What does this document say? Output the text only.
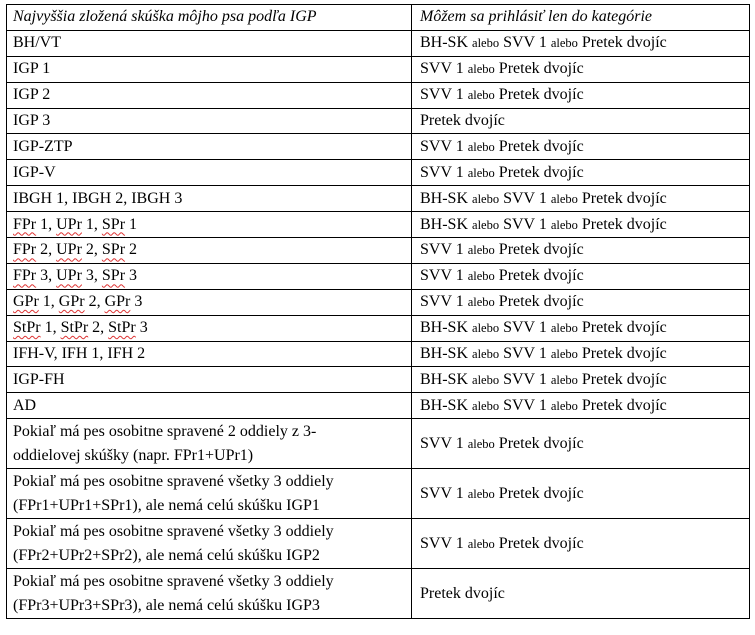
Najvyššia zložená skúška môjho psa podľa IGP	Môžem sa prihlásiť len do kategórie
BH/VT	BH-SK alebo SVV 1 alebo Pretek dvojíc
IGP 1	SVV 1 alebo Pretek dvojíc
IGP 2	SVV 1 alebo Pretek dvojíc
IGP 3	Pretek dvojíc
IGP-ZTP	SVV 1 alebo Pretek dvojíc
IGP-V	SVV 1 alebo Pretek dvojíc
IBGH 1, IBGH 2, IBGH 3	BH-SK alebo SVV 1 alebo Pretek dvojíc
FPr 1, UPr 1, SPr 1	BH-SK alebo SVV 1 alebo Pretek dvojíc
FPr 2, UPr 2, SPr 2	SVV 1 alebo Pretek dvojíc
FPr 3, UPr 3, SPr 3	SVV 1 alebo Pretek dvojíc
GPr 1, GPr 2, GPr 3	SVV 1 alebo Pretek dvojíc
StPr 1, StPr 2, StPr 3	BH-SK alebo SVV 1 alebo Pretek dvojíc
IFH-V, IFH 1, IFH 2	BH-SK alebo SVV 1 alebo Pretek dvojíc
IGP-FH	BH-SK alebo SVV 1 alebo Pretek dvojíc
AD	BH-SK alebo SVV 1 alebo Pretek dvojíc
Pokiaľ má pes osobitne spravené 2 oddiely z 3-
oddielovej skúšky (napr. FPr1+UPr1)	SVV 1 alebo Pretek dvojíc
Pokiaľ má pes osobitne spravené všetky 3 oddiely
(FPr1+UPr1+SPr1), ale nemá celú skúšku IGP1	SVV 1 alebo Pretek dvojíc
Pokiaľ má pes osobitne spravené všetky 3 oddiely
(FPr2+UPr2+SPr2), ale nemá celú skúšku IGP2	SVV 1 alebo Pretek dvojíc
Pokiaľ má pes osobitne spravené všetky 3 oddiely
(FPr3+UPr3+SPr3), ale nemá celú skúšku IGP3	Pretek dvojíc
